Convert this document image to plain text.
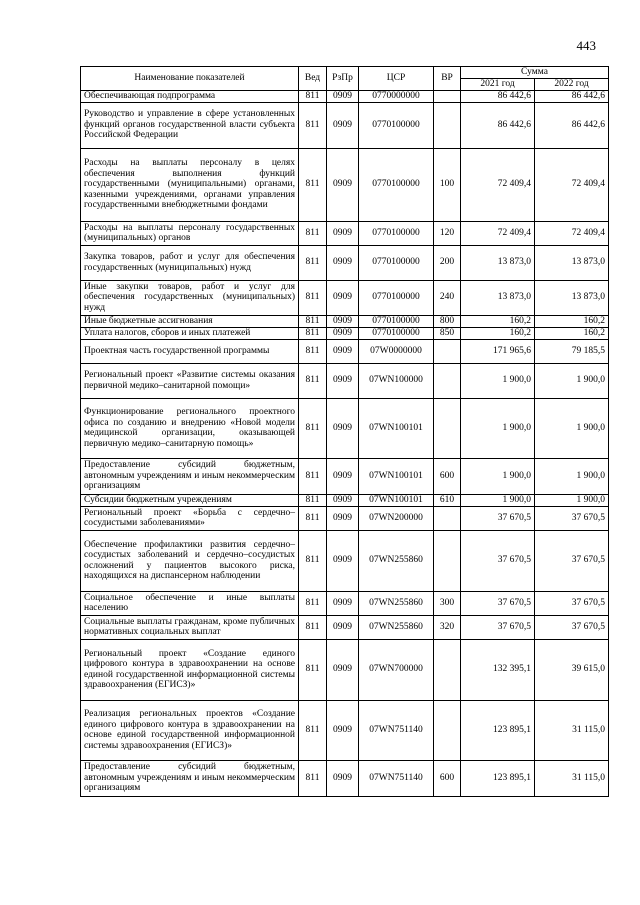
443
Наименование показателей	Вед	РзПр	ЦСР	ВР	Сумма	
					2021 год	2022 год
Обеспечивающая подпрограмма	811	0909	0770000000		86 442,6	86 442,6
Руководство и управление в сфере установленных функций органов государственной власти субъекта Российской Федерации	811	0909	0770100000		86 442,6	86 442,6
Расходы на выплаты персоналу в целях обеспечения выполнения функций государственными (муниципальными) органами, казенными учреждениями, органами управления государственными внебюджетными фондами	811	0909	0770100000	100	72 409,4	72 409,4
Расходы на выплаты персоналу государственных (муниципальных) органов	811	0909	0770100000	120	72 409,4	72 409,4
Закупка товаров, работ и услуг для обеспечения государственных (муниципальных) нужд	811	0909	0770100000	200	13 873,0	13 873,0
Иные закупки товаров, работ и услуг для обеспечения государственных (муниципальных) нужд	811	0909	0770100000	240	13 873,0	13 873,0
Иные бюджетные ассигнования	811	0909	0770100000	800	160,2	160,2
Уплата налогов, сборов и иных платежей	811	0909	0770100000	850	160,2	160,2
Проектная часть государственной программы	811	0909	07W0000000		171 965,6	79 185,5
Региональный проект «Развитие системы оказания первичной медико–санитарной помощи»	811	0909	07WN100000		1 900,0	1 900,0
Функционирование регионального проектного офиса по созданию и внедрению «Новой модели медицинской организации, оказывающей первичную медико–санитарную помощь»	811	0909	07WN100101		1 900,0	1 900,0
Предоставление субсидий бюджетным, автономным учреждениям и иным некоммерческим организациям	811	0909	07WN100101	600	1 900,0	1 900,0
Субсидии бюджетным учреждениям	811	0909	07WN100101	610	1 900,0	1 900,0
Региональный проект «Борьба с сердечно–сосудистыми заболеваниями»	811	0909	07WN200000		37 670,5	37 670,5
Обеспечение профилактики развития сердечно–сосудистых заболеваний и сердечно–сосудистых осложнений у пациентов высокого риска, находящихся на диспансерном наблюдении	811	0909	07WN255860		37 670,5	37 670,5
Социальное обеспечение и иные выплаты населению	811	0909	07WN255860	300	37 670,5	37 670,5
Социальные выплаты гражданам, кроме публичных нормативных социальных выплат	811	0909	07WN255860	320	37 670,5	37 670,5
Региональный проект «Создание единого цифрового контура в здравоохранении на основе единой государственной информационной системы здравоохранения (ЕГИСЗ)»	811	0909	07WN700000		132 395,1	39 615,0
Реализация региональных проектов «Создание единого цифрового контура в здравоохранении на основе единой государственной информационной системы здравоохранения (ЕГИСЗ)»	811	0909	07WN751140		123 895,1	31 115,0
Предоставление субсидий бюджетным, автономным учреждениям и иным некоммерческим организациям	811	0909	07WN751140	600	123 895,1	31 115,0
